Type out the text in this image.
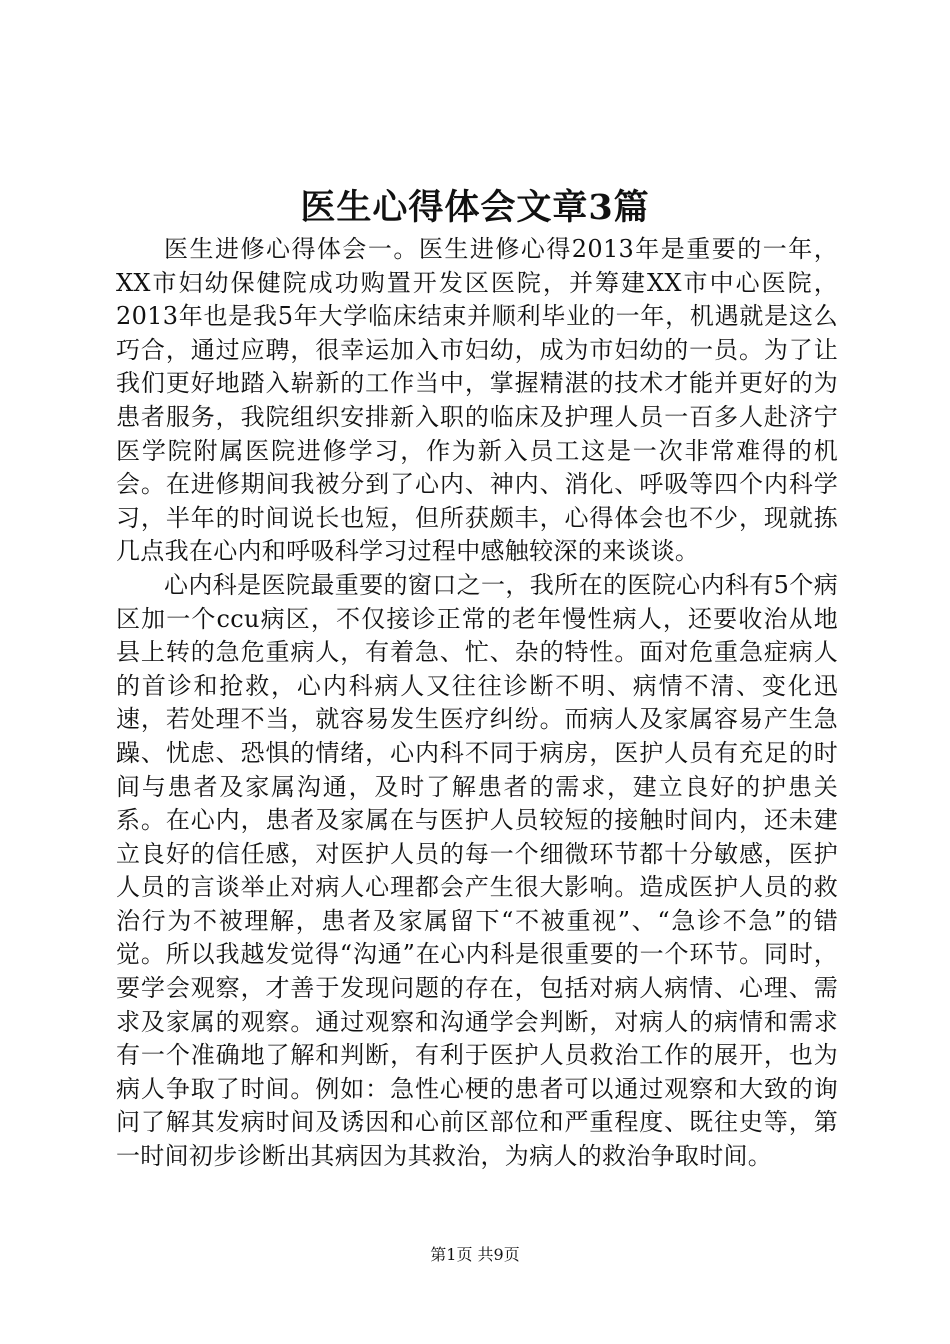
医生心得体会文章3篇

医生进修心得体会一。医生进修心得2013年是重要的一年，XX市妇幼保健院成功购置开发区医院，并筹建XX市中心医院，2013年也是我5年大学临床结束并顺利毕业的一年，机遇就是这么巧合，通过应聘，很幸运加入市妇幼，成为市妇幼的一员。为了让我们更好地踏入崭新的工作当中，掌握精湛的技术才能并更好的为患者服务，我院组织安排新入职的临床及护理人员一百多人赴济宁医学院附属医院进修学习，作为新入员工这是一次非常难得的机会。在进修期间我被分到了心内、神内、消化、呼吸等四个内科学习，半年的时间说长也短，但所获颇丰，心得体会也不少，现就拣几点我在心内和呼吸科学习过程中感触较深的来谈谈。

心内科是医院最重要的窗口之一，我所在的医院心内科有5个病区加一个ccu病区，不仅接诊正常的老年慢性病人，还要收治从地县上转的急危重病人，有着急、忙、杂的特性。面对危重急症病人的首诊和抢救，心内科病人又往往诊断不明、病情不清、变化迅速，若处理不当，就容易发生医疗纠纷。而病人及家属容易产生急躁、忧虑、恐惧的情绪，心内科不同于病房，医护人员有充足的时间与患者及家属沟通，及时了解患者的需求，建立良好的护患关系。在心内，患者及家属在与医护人员较短的接触时间内，还未建立良好的信任感，对医护人员的每一个细微环节都十分敏感，医护人员的言谈举止对病人心理都会产生很大影响。造成医护人员的救治行为不被理解，患者及家属留下“不被重视”、“急诊不急”的错觉。所以我越发觉得“沟通”在心内科是很重要的一个环节。同时，要学会观察，才善于发现问题的存在，包括对病人病情、心理、需求及家属的观察。通过观察和沟通学会判断，对病人的病情和需求有一个准确地了解和判断，有利于医护人员救治工作的展开，也为病人争取了时间。例如：急性心梗的患者可以通过观察和大致的询问了解其发病时间及诱因和心前区部位和严重程度、既往史等，第一时间初步诊断出其病因为其救治，为病人的救治争取时间。

第1页 共9页
